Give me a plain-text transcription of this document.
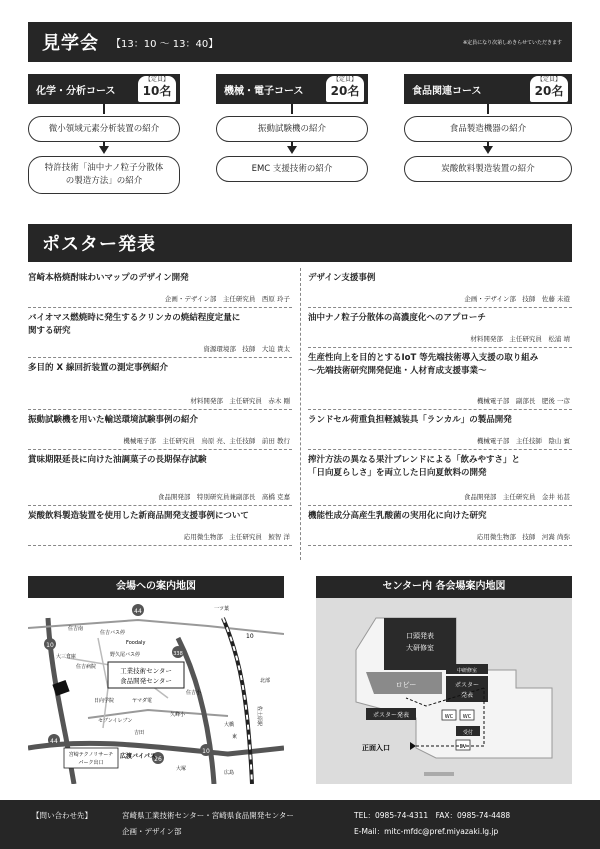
見学会 【13：10 ～ 13：40】	※定員になり次第しめきらせていただきます
化学・分析コース
【定員】
10名
微小領域元素分析装置の紹介
特許技術「油中ナノ粒子分散体
の製造方法」の紹介
機械・電子コース
【定員】
20名
振動試験機の紹介
EMC 支援技術の紹介
食品関連コース
【定員】
20名
食品製造機器の紹介
炭酸飲料製造装置の紹介
ポスター発表
宮崎本格焼酎味わいマップのデザイン開発
企画・デザイン部　主任研究員　西原 玲子
バイオマス燃焼時に発生するクリンカの焼結程度定量に
関する研究
資源環境部　技師　大迫 貴太
多目的 X 線回折装置の測定事例紹介
材料開発部　主任研究員　赤木 剛
振動試験機を用いた輸送環境試験事例の紹介
機械電子部　主任研究員　鳥原 亮、主任技師　前田 教行
賞味期限延長に向けた油調菓子の長期保存試験
食品開発部　特別研究員兼副部長　髙橋 克嘉
炭酸飲料製造装置を使用した新商品開発支援事例について
応用微生物部　主任研究員　鮫智 洋
デザイン支援事例
企画・デザイン部　技師　佐藤 未遊
油中ナノ粒子分散体の高濃度化へのアプローチ
材料開発部　主任研究員　松浦 靖
生産性向上を目的とするIoT 等先端技術導入支援の取り組み
～先端技術研究開発促進・人材育成支援事業～
機械電子部　副部長　肥後 一彦
ランドセル荷重負担軽減装具「ランカル」の製品開発
機械電子部　主任技師　陰山 賓
搾汁方法の異なる果汁ブレンドによる「飲みやすさ」と
「日向夏らしさ」を両立した日向夏飲料の開発
食品開発部　主任研究員　金井 祐甚
機能性成分高産生乳酸菌の実用化に向けた研究
応用微生物部　技師　河嵩 尚弥
会場への案内地図
10
44
338
44
10
26
工業技術センター
食品開発センター
一ツ葉
住吉南
住吉バス停
Foodaly
大三倉庫
住吉病院
野久尾バス停
住吉小
日向学院	ヤマダ電
セブンイレブン
久峰小
北部
大橋
東
広島
大塚
吉田
広渡バイパス
宮崎テクノリサーチ
パーク出口
佐土原駅
10
センター内 各会場案内地図
口頭発表
大研修室
ロビー
ポスター発表
ポスター
発表
中研修室
WC WC
受付
EV
正面入口
【問い合わせ先】	宮崎県工業技術センター・宮崎県食品開発センター
企画・デザイン部
TEL：0985-74-4311　FAX：0985-74-4488
E-Mail：mitc-mfdc@pref.miyazaki.lg.jp
